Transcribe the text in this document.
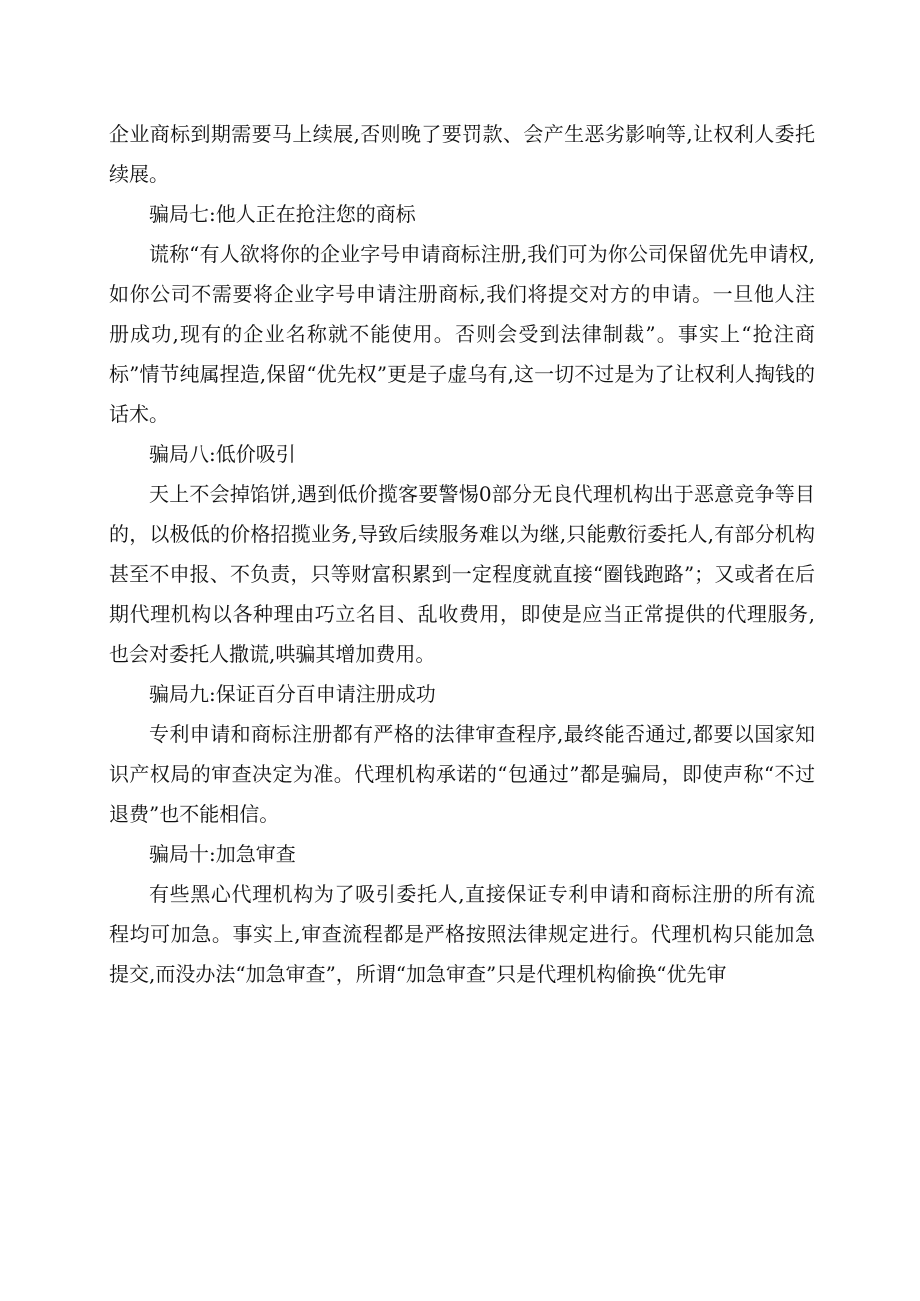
企业商标到期需要马上续展,否则晚了要罚款、会产生恶劣影响等,让权利人委托续展。

骗局七:他人正在抢注您的商标

谎称“有人欲将你的企业字号申请商标注册,我们可为你公司保留优先申请权,如你公司不需要将企业字号申请注册商标,我们将提交对方的申请。一旦他人注册成功,现有的企业名称就不能使用。否则会受到法律制裁”。事实上“抢注商标”情节纯属捏造,保留“优先权”更是子虚乌有,这一切不过是为了让权利人掏钱的话术。

骗局八:低价吸引

天上不会掉馅饼,遇到低价揽客要警惕0部分无良代理机构出于恶意竞争等目的，以极低的价格招揽业务,导致后续服务难以为继,只能敷衍委托人,有部分机构甚至不申报、不负责，只等财富积累到一定程度就直接“圈钱跑路”；又或者在后期代理机构以各种理由巧立名目、乱收费用，即使是应当正常提供的代理服务,也会对委托人撒谎,哄骗其增加费用。

骗局九:保证百分百申请注册成功

专利申请和商标注册都有严格的法律审查程序,最终能否通过,都要以国家知识产权局的审查决定为准。代理机构承诺的“包通过”都是骗局，即使声称“不过退费”也不能相信。

骗局十:加急审查

有些黑心代理机构为了吸引委托人,直接保证专利申请和商标注册的所有流程均可加急。事实上,审查流程都是严格按照法律规定进行。代理机构只能加急提交,而没办法“加急审查”，所谓“加急审查”只是代理机构偷换“优先审
